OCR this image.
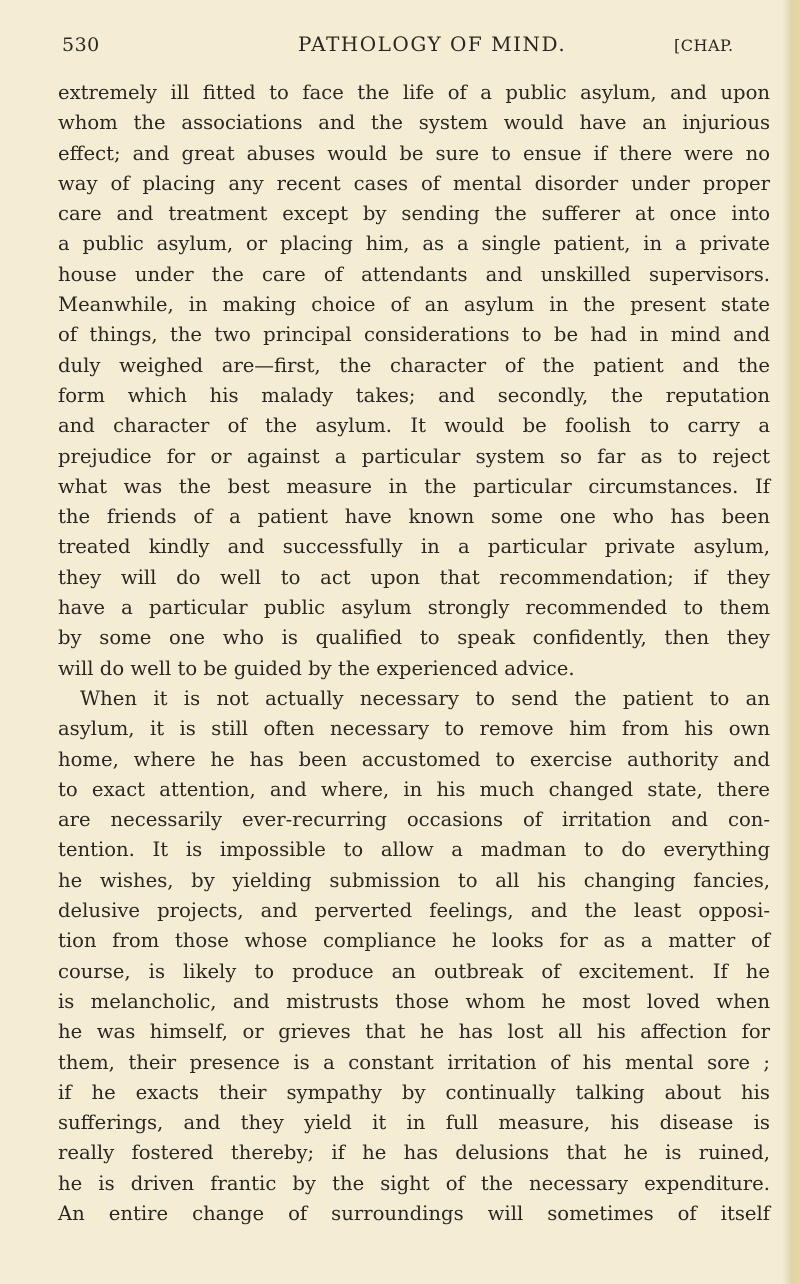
530	PATHOLOGY OF MIND.	[CHAP.
extremely ill fitted to face the life of a public asylum, and upon
whom the associations and the system would have an injurious
effect; and great abuses would be sure to ensue if there were no
way of placing any recent cases of mental disorder under proper
care and treatment except by sending the sufferer at once into
a public asylum, or placing him, as a single patient, in a private
house under the care of attendants and unskilled supervisors.
Meanwhile, in making choice of an asylum in the present state
of things, the two principal considerations to be had in mind and
duly weighed are—first, the character of the patient and the
form which his malady takes; and secondly, the reputation
and character of the asylum. It would be foolish to carry a
prejudice for or against a particular system so far as to reject
what was the best measure in the particular circumstances. If
the friends of a patient have known some one who has been
treated kindly and successfully in a particular private asylum,
they will do well to act upon that recommendation; if they
have a particular public asylum strongly recommended to them
by some one who is qualified to speak confidently, then they
will do well to be guided by the experienced advice.
When it is not actually necessary to send the patient to an
asylum, it is still often necessary to remove him from his own
home, where he has been accustomed to exercise authority and
to exact attention, and where, in his much changed state, there
are necessarily ever-recurring occasions of irritation and con-
tention. It is impossible to allow a madman to do everything
he wishes, by yielding submission to all his changing fancies,
delusive projects, and perverted feelings, and the least opposi-
tion from those whose compliance he looks for as a matter of
course, is likely to produce an outbreak of excitement. If he
is melancholic, and mistrusts those whom he most loved when
he was himself, or grieves that he has lost all his affection for
them, their presence is a constant irritation of his mental sore ;
if he exacts their sympathy by continually talking about his
sufferings, and they yield it in full measure, his disease is
really fostered thereby; if he has delusions that he is ruined,
he is driven frantic by the sight of the necessary expenditure.
An entire change of surroundings will sometimes of itself
